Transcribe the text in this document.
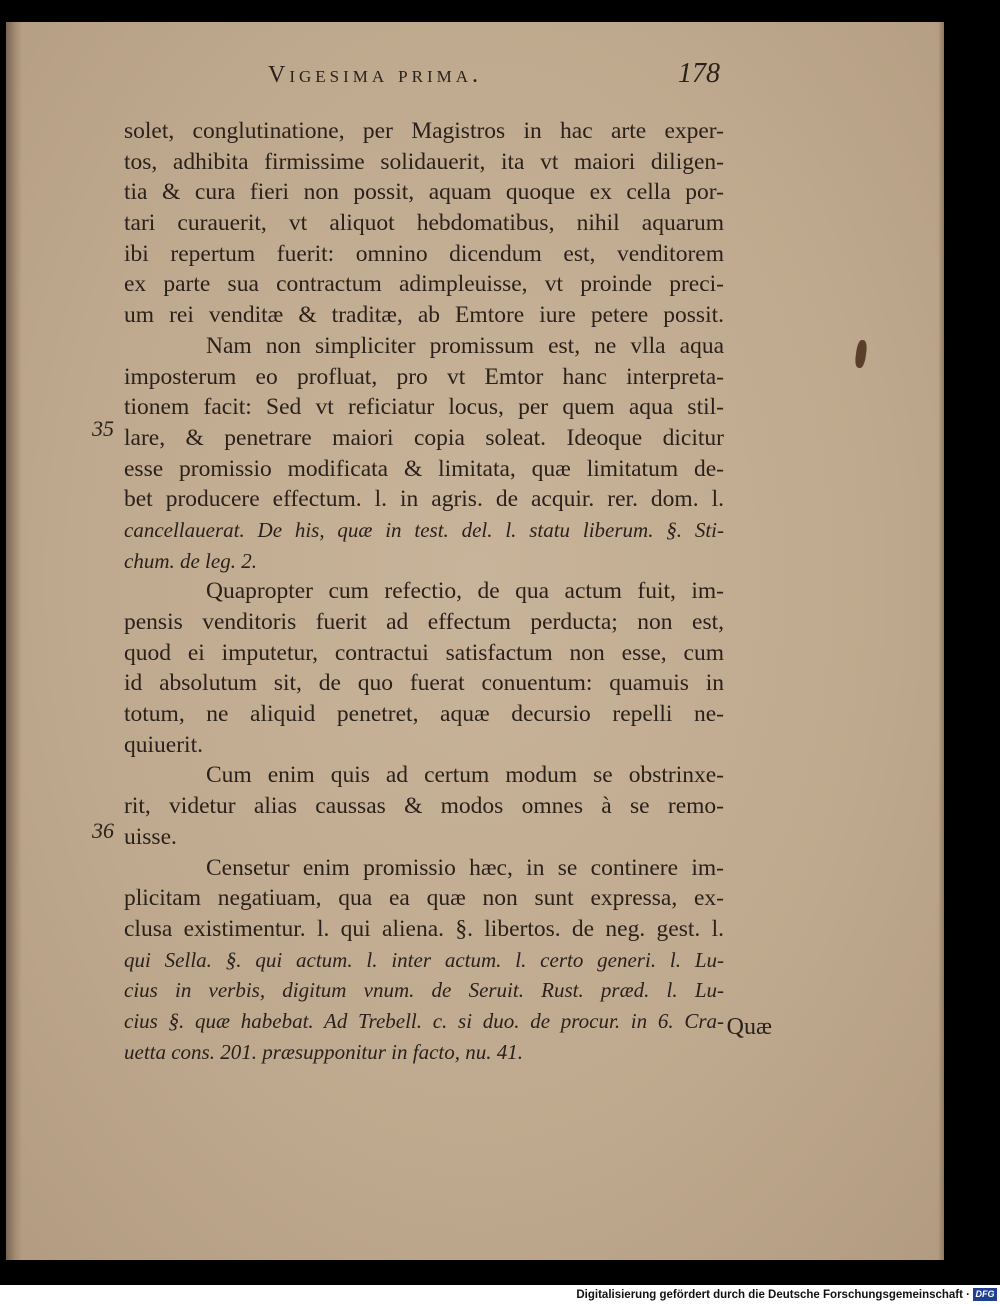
Vigesima prima.	178
35
36
solet, conglutinatione, per Magistros in hac arte exper-
tos, adhibita firmissime solidauerit, ita vt maiori diligen-
tia & cura fieri non possit, aquam quoque ex cella por-
tari curauerit, vt aliquot hebdomatibus, nihil aquarum
ibi repertum fuerit: omnino dicendum est, venditorem
ex parte sua contractum adimpleuisse, vt proinde preci-
um rei venditæ & traditæ, ab Emtore iure petere possit.
Nam non simpliciter promissum est, ne vlla aqua
imposterum eo profluat, pro vt Emtor hanc interpreta-
tionem facit: Sed vt reficiatur locus, per quem aqua stil-
lare, & penetrare maiori copia soleat. Ideoque dicitur
esse promissio modificata & limitata, quæ limitatum de-
bet producere effectum. l. in agris. de acquir. rer. dom. l.
cancellauerat. De his, quæ in test. del. l. statu liberum. §. Sti-
chum. de leg. 2.
Quapropter cum refectio, de qua actum fuit, im-
pensis venditoris fuerit ad effectum perducta; non est,
quod ei imputetur, contractui satisfactum non esse, cum
id absolutum sit, de quo fuerat conuentum: quamuis in
totum, ne aliquid penetret, aquæ decursio repelli ne-
quiuerit.
Cum enim quis ad certum modum se obstrinxe-
rit, videtur alias caussas & modos omnes à se remo-
uisse.
Censetur enim promissio hæc, in se continere im-
plicitam negatiuam, qua ea quæ non sunt expressa, ex-
clusa existimentur. l. qui aliena. §. libertos. de neg. gest. l.
qui Sella. §. qui actum. l. inter actum. l. certo generi. l. Lu-
cius in verbis, digitum vnum. de Seruit. Rust. præd. l. Lu-
cius §. quæ habebat. Ad Trebell. c. si duo. de procur. in 6. Cra-
uetta cons. 201. præsupponitur in facto, nu. 41.
Quæ
Digitalisierung gefördert durch die Deutsche Forschungsgemeinschaft · DFG
